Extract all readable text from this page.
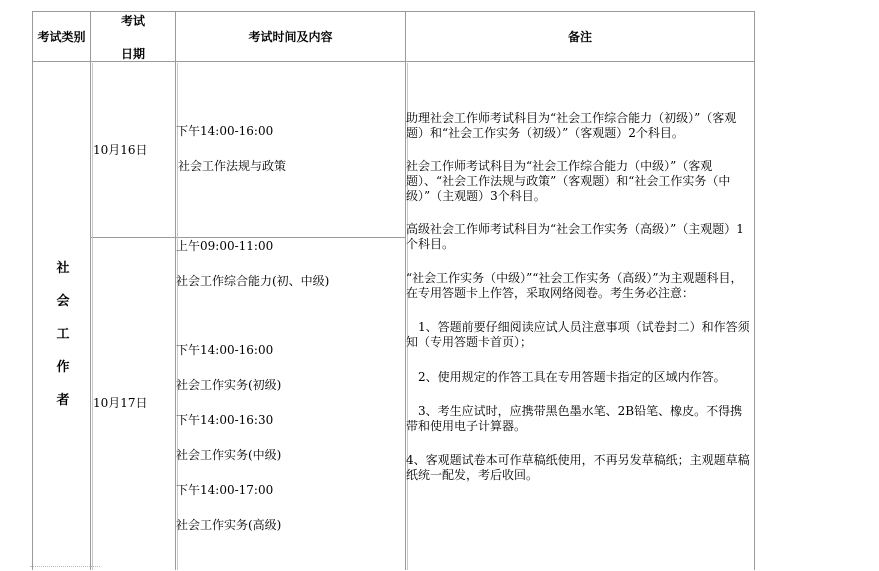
考试类别
考试
日期
考试时间及内容	备注
社
会
工
作
者
10月16日
10月17日
下午14:00-16:00
社会工作法规与政策
上午09:00-11:00
社会工作综合能力(初、中级)
下午14:00-16:00
社会工作实务(初级)
下午14:00-16:30
社会工作实务(中级)
下午14:00-17:00
社会工作实务(高级)
助理社会工作师考试科目为“社会工作综合能力（初级）”（客观题）和“社会工作实务（初级）”（客观题）2个科目。
社会工作师考试科目为“社会工作综合能力（中级）”（客观题）、“社会工作法规与政策”（客观题）和“社会工作实务（中级）”（主观题）3个科目。
高级社会工作师考试科目为“社会工作实务（高级）”（主观题）1个科目。
“社会工作实务（中级）”“社会工作实务（高级）”为主观题科目，在专用答题卡上作答，采取网络阅卷。考生务必注意：
1、答题前要仔细阅读应试人员注意事项（试卷封二）和作答须知（专用答题卡首页）；
2、使用规定的作答工具在专用答题卡指定的区域内作答。
3、考生应试时，应携带黑色墨水笔、2B铅笔、橡皮。不得携带和使用电子计算器。
4、客观题试卷本可作草稿纸使用，不再另发草稿纸；主观题草稿纸统一配发，考后收回。
